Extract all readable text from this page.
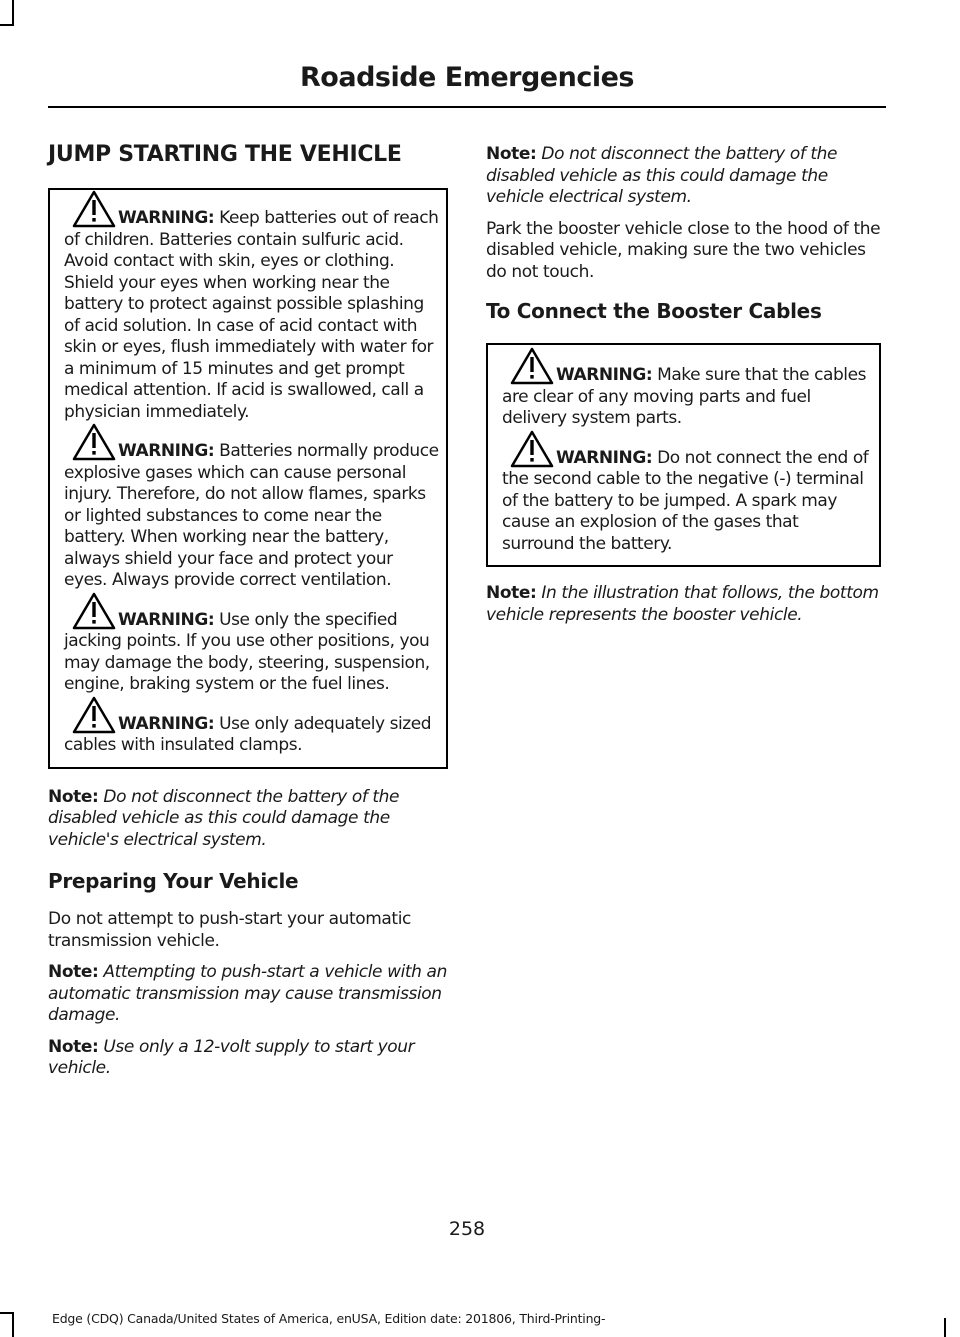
Roadside Emergencies
JUMP STARTING THE VEHICLE
WARNING: Keep batteries out of reach of children. Batteries contain sulfuric acid. Avoid contact with skin, eyes or clothing. Shield your eyes when working near the battery to protect against possible splashing of acid solution. In case of acid contact with skin or eyes, flush immediately with water for a minimum of 15 minutes and get prompt medical attention. If acid is swallowed, call a physician immediately.
WARNING: Batteries normally produce explosive gases which can cause personal injury. Therefore, do not allow flames, sparks or lighted substances to come near the battery. When working near the battery, always shield your face and protect your eyes. Always provide correct ventilation.
WARNING: Use only the specified jacking points. If you use other positions, you may damage the body, steering, suspension, engine, braking system or the fuel lines.
WARNING: Use only adequately sized cables with insulated clamps.
Note: Do not disconnect the battery of the disabled vehicle as this could damage the vehicle's electrical system.
Preparing Your Vehicle
Do not attempt to push-start your automatic transmission vehicle.
Note: Attempting to push-start a vehicle with an automatic transmission may cause transmission damage.
Note: Use only a 12-volt supply to start your vehicle.
Note: Do not disconnect the battery of the disabled vehicle as this could damage the vehicle electrical system.
Park the booster vehicle close to the hood of the disabled vehicle, making sure the two vehicles do not touch.
To Connect the Booster Cables
WARNING: Make sure that the cables are clear of any moving parts and fuel delivery system parts.
WARNING: Do not connect the end of the second cable to the negative (-) terminal of the battery to be jumped. A spark may cause an explosion of the gases that surround the battery.
Note: In the illustration that follows, the bottom vehicle represents the booster vehicle.
258
Edge (CDQ) Canada/United States of America, enUSA, Edition date: 201806, Third-Printing-
